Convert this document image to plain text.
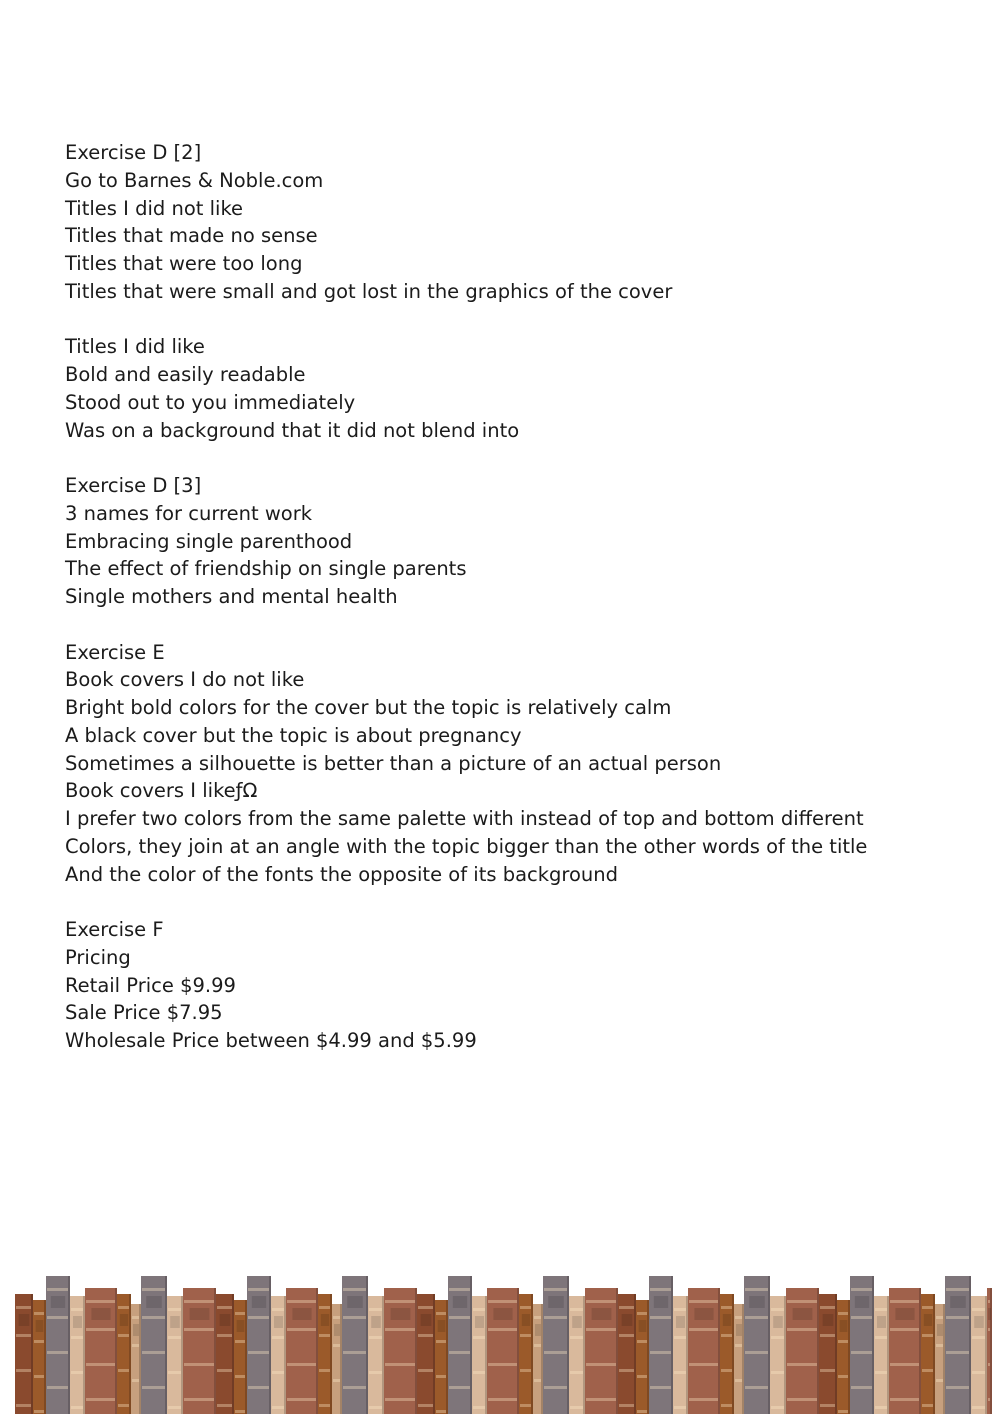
Exercise D [2]
Go to Barnes & Noble.com
Titles I did not like
Titles that made no sense
Titles that were too long
Titles that were small and got lost in the graphics of the cover
Titles I did like
Bold and easily readable
Stood out to you immediately
Was on a background that it did not blend into
Exercise D [3]
3 names for current work
Embracing single parenthood
The effect of friendship on single parents
Single mothers and mental health
Exercise E
Book covers I do not like
Bright bold colors for the cover but the topic is relatively calm
A black cover but the topic is about pregnancy
Sometimes a silhouette is better than a picture of an actual person
Book covers I likeƒΩ
I prefer two colors from the same palette with instead of top and bottom different
Colors, they join at an angle with the topic bigger than the other words of the title
And the color of the fonts the opposite of its background
Exercise F
Pricing
Retail Price $9.99
Sale Price $7.95
Wholesale Price between $4.99 and $5.99
